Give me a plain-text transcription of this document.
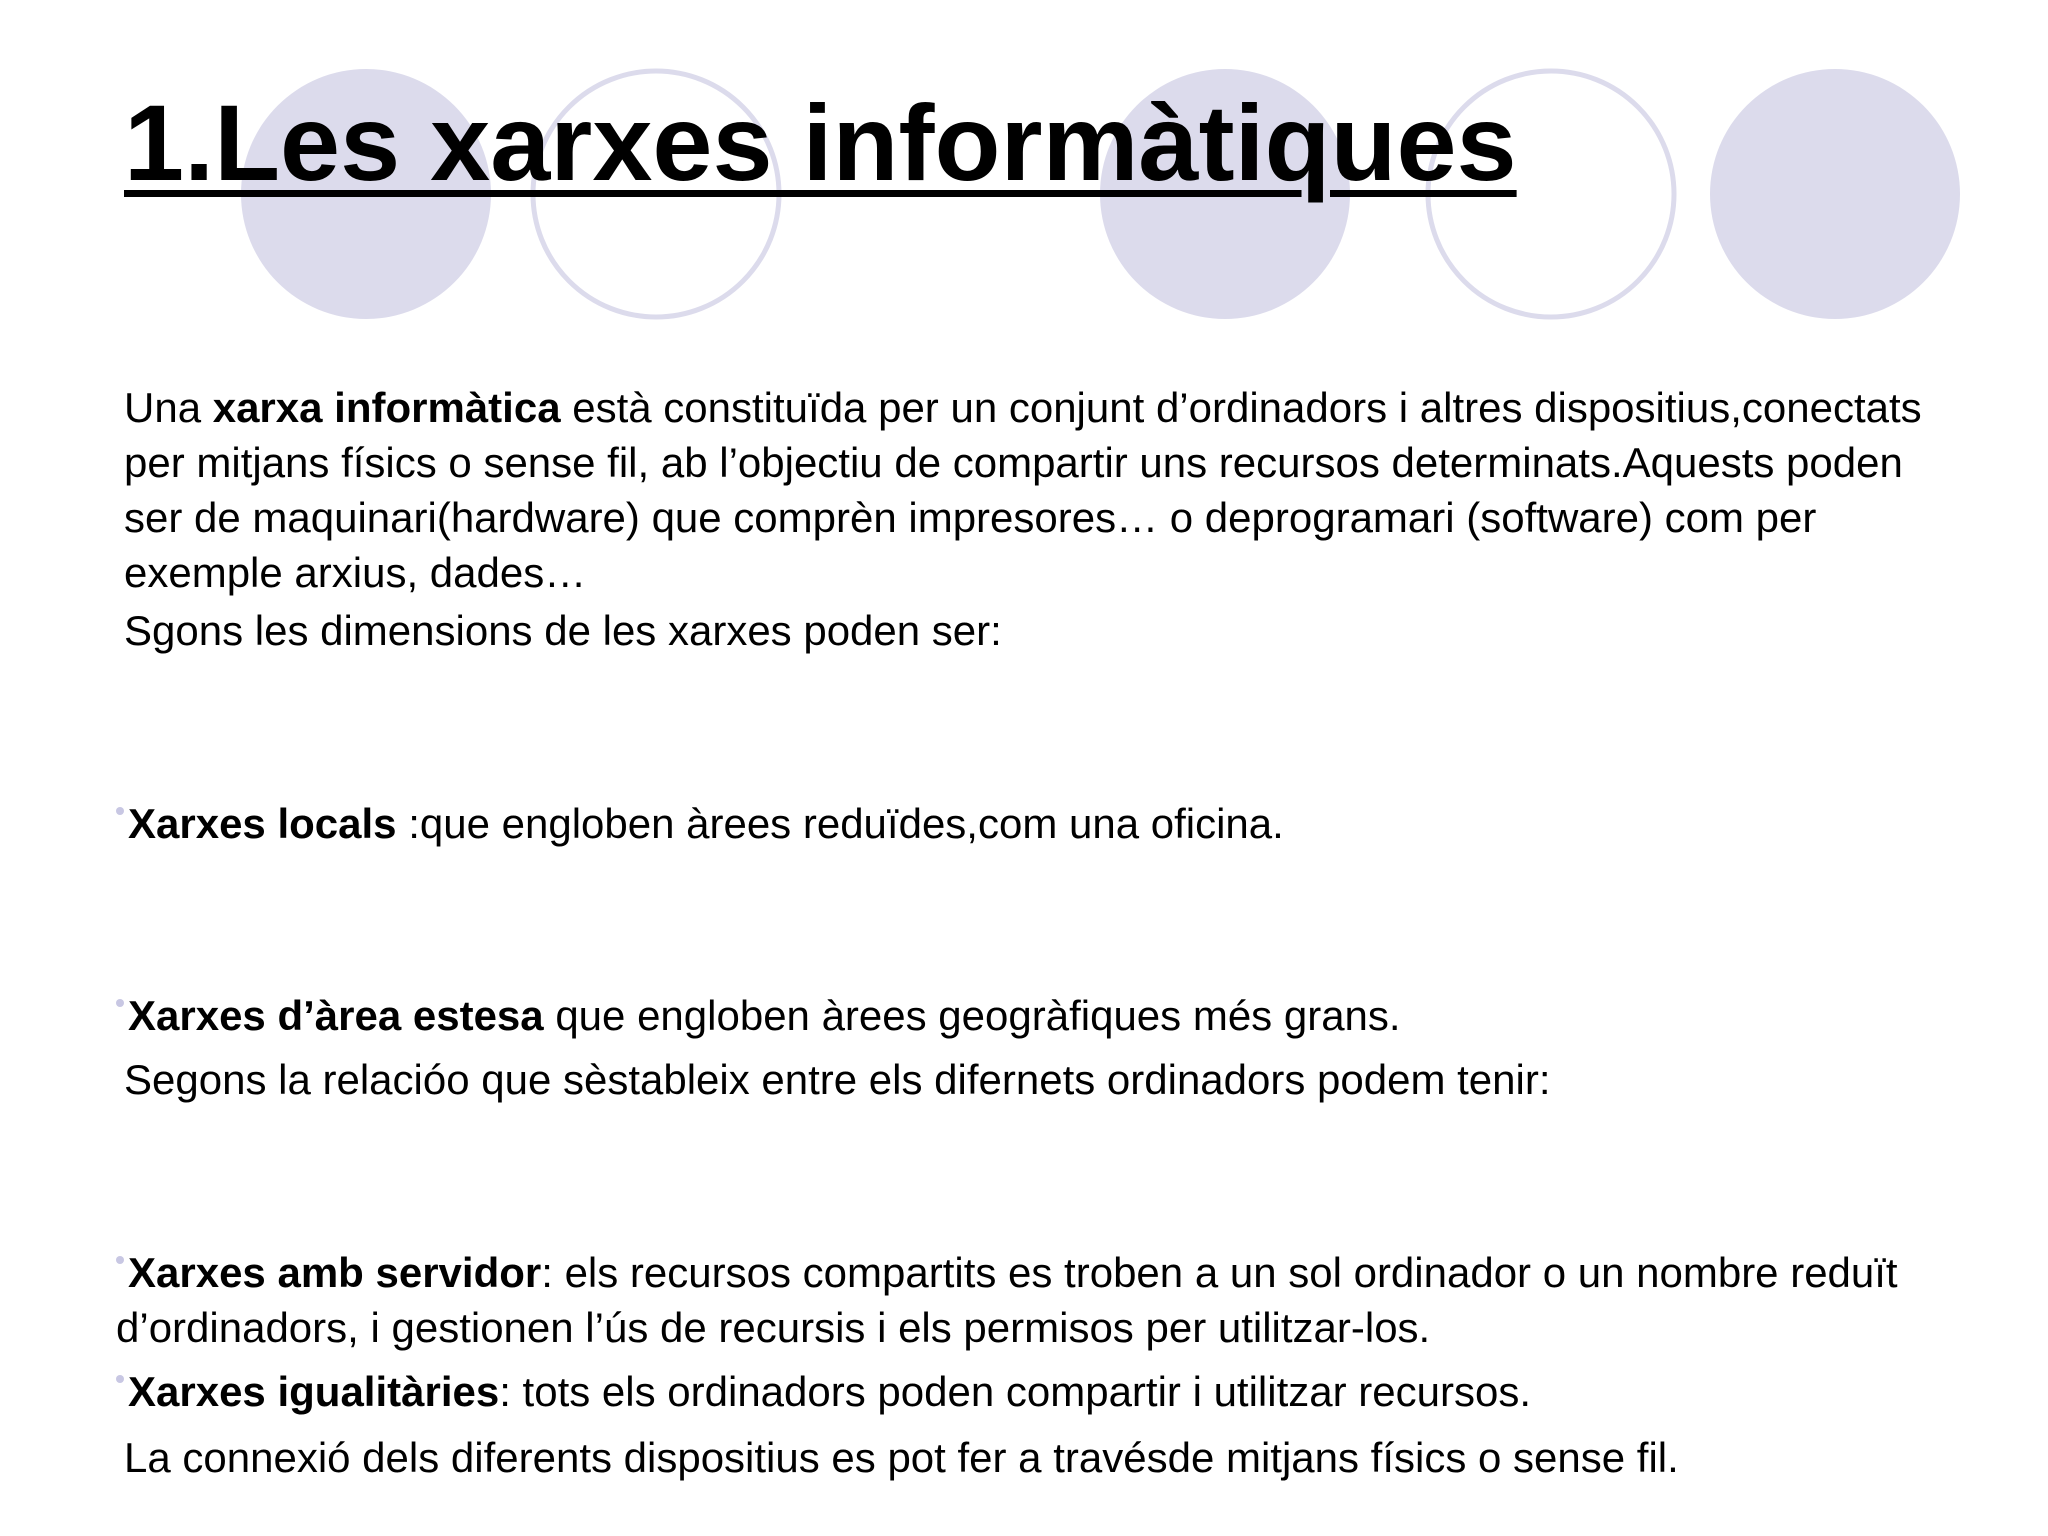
1.Les xarxes informàtiques

Una xarxa informàtica està constituïda per un conjunt d’ordinadors i altres dispositius,conectats per mitjans físics o sense fil, ab l’objectiu de compartir uns recursos determinats.Aquests poden ser de maquinari(hardware) que comprèn impresores… o deprogramari (software) com per exemple arxius, dades…

Sgons les dimensions de les xarxes poden ser:

Xarxes locals :que engloben àrees reduïdes,com una oficina.

Xarxes d’àrea estesa que engloben àrees geogràfiques més grans.

Segons la relacióo que sèstableix entre els difernets ordinadors podem tenir:

Xarxes amb servidor: els recursos compartits es troben a un sol ordinador o un nombre reduït d’ordinadors, i gestionen l’ús de recursis i els permisos per utilitzar-los.

Xarxes igualitàries: tots els ordinadors poden compartir i utilitzar recursos.

La connexió dels diferents dispositius es pot fer a travésde mitjans físics o sense fil.
